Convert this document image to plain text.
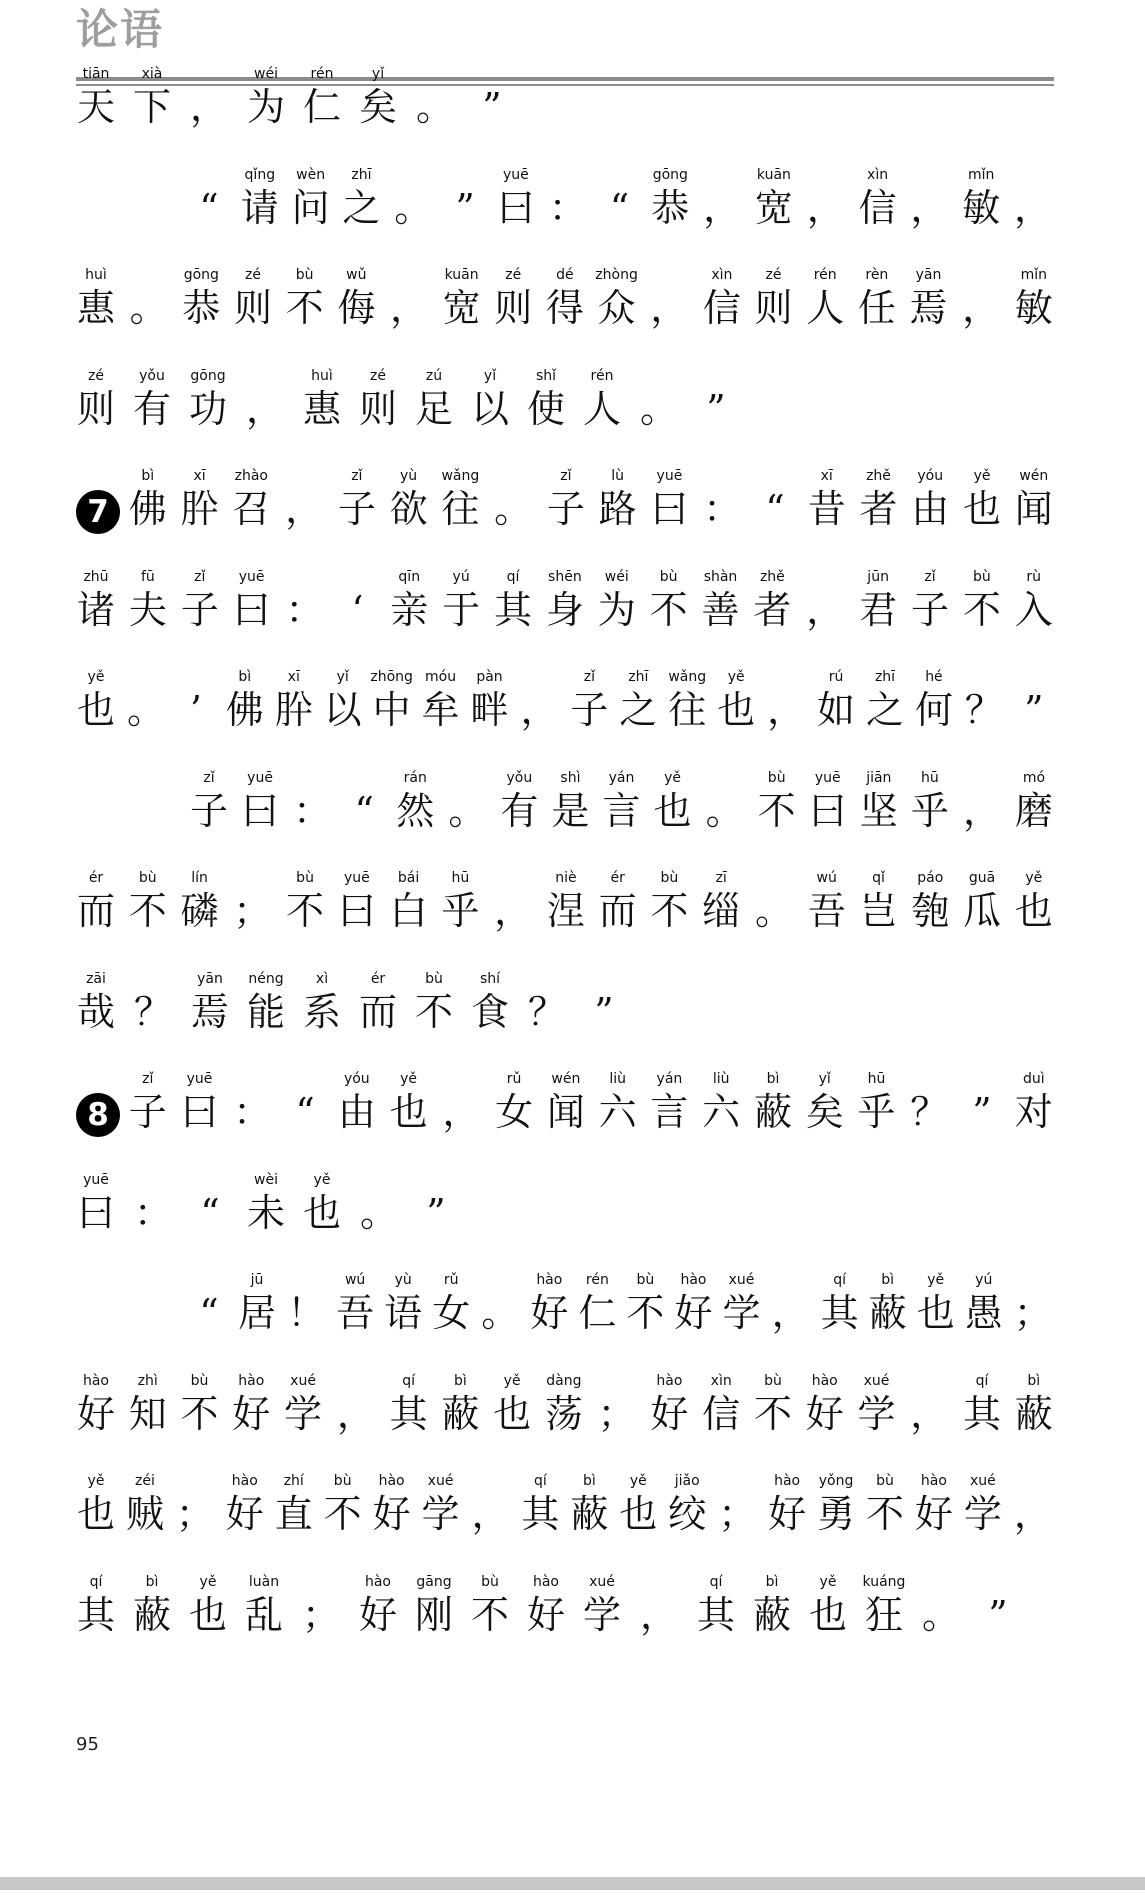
论语
天
tiān
下
xià
， 为
wéi
仁
rén
矣
yǐ
。 ”
“ 请
qǐng
问
wèn
之
zhī
。 ” 曰
yuē
： “ 恭
gōng
， 宽
kuān
， 信
xìn
， 敏
mǐn
，
惠
huì
。 恭
gōng
则
zé
不
bù
侮
wǔ
， 宽
kuān
则
zé
得
dé
众
zhòng
， 信
xìn
则
zé
人
rén
任
rèn
焉
yān
， 敏
mǐn
则
zé
有
yǒu
功
gōng
， 惠
huì
则
zé
足
zú
以
yǐ
使
shǐ
人
rén
。 ”
7 佛
bì
肸
xī
召
zhào
， 子
zǐ
欲
yù
往
wǎng
。 子
zǐ
路
lù
曰
yuē
： “ 昔
xī
者
zhě
由
yóu
也
yě
闻
wén
诸
zhū
夫
fū
子
zǐ
曰
yuē
： ‘ 亲
qīn
于
yú
其
qí
身
shēn
为
wéi
不
bù
善
shàn
者
zhě
， 君
jūn
子
zǐ
不
bù
入
rù
也
yě
。 ’ 佛
bì
肸
xī
以
yǐ
中
zhōng
牟
móu
畔
pàn
， 子
zǐ
之
zhī
往
wǎng
也
yě
， 如
rú
之
zhī
何
hé
？ ”
子
zǐ
曰
yuē
： “ 然
rán
。 有
yǒu
是
shì
言
yán
也
yě
。 不
bù
曰
yuē
坚
jiān
乎
hū
， 磨
mó
而
ér
不
bù
磷
lín
； 不
bù
曰
yuē
白
bái
乎
hū
， 涅
niè
而
ér
不
bù
缁
zī
。 吾
wú
岂
qǐ
匏
páo
瓜
guā
也
yě
哉
zāi
？ 焉
yān
能
néng
系
xì
而
ér
不
bù
食
shí
？ ”
8 子
zǐ
曰
yuē
： “ 由
yóu
也
yě
， 女
rǔ
闻
wén
六
liù
言
yán
六
liù
蔽
bì
矣
yǐ
乎
hū
？ ” 对
duì
曰
yuē
： “ 未
wèi
也
yě
。 ”
“ 居
jū
！ 吾
wú
语
yù
女
rǔ
。 好
hào
仁
rén
不
bù
好
hào
学
xué
， 其
qí
蔽
bì
也
yě
愚
yú
；
好
hào
知
zhì
不
bù
好
hào
学
xué
， 其
qí
蔽
bì
也
yě
荡
dàng
； 好
hào
信
xìn
不
bù
好
hào
学
xué
， 其
qí
蔽
bì
也
yě
贼
zéi
； 好
hào
直
zhí
不
bù
好
hào
学
xué
， 其
qí
蔽
bì
也
yě
绞
jiǎo
； 好
hào
勇
yǒng
不
bù
好
hào
学
xué
，
其
qí
蔽
bì
也
yě
乱
luàn
； 好
hào
刚
gāng
不
bù
好
hào
学
xué
， 其
qí
蔽
bì
也
yě
狂
kuáng
。 ”
95
